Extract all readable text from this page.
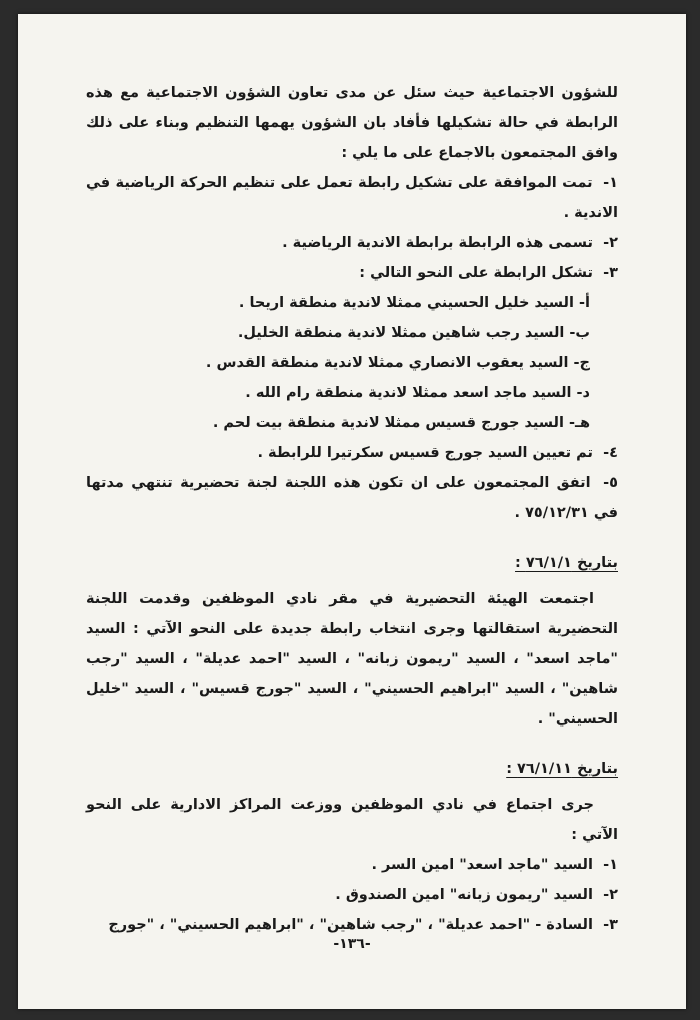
للشؤون الاجتماعية حيث سئل عن مدى تعاون الشؤون الاجتماعية مع هذه الرابطة في حالة تشكيلها فأفاد بان الشؤون يهمها التنظيم وبناء على ذلك وافق المجتمعون بالاجماع على ما يلي :

١- تمت الموافقة على تشكيل رابطة تعمل على تنظيم الحركة الرياضية في الاندية .
٢- تسمى هذه الرابطة برابطة الاندية الرياضية .
٣- تشكل الرابطة على النحو التالي :
أ- السيد خليل الحسيني ممثلا لاندية منطقة اريحا .
ب- السيد رجب شاهين ممثلا لاندية منطقة الخليل.
ج- السيد يعقوب الانصاري ممثلا لاندية منطقة القدس .
د- السيد ماجد اسعد ممثلا لاندية منطقة رام الله .
هـ- السيد جورج قسيس ممثلا لاندية منطقة بيت لحم .
٤- تم تعيين السيد جورج قسيس سكرتيرا للرابطة .
٥- اتفق المجتمعون على ان تكون هذه اللجنة لجنة تحضيرية تنتهي مدتها في ٧٥/١٢/٣١ .
بتاريخ ٧٦/١/١ :

اجتمعت الهيئة التحضيرية في مقر نادي الموظفين وقدمت اللجنة التحضيرية استقالتها وجرى انتخاب رابطة جديدة على النحو الآتي : السيد "ماجد اسعد" ، السيد "ريمون زبانه" ، السيد "احمد عديلة" ، السيد "رجب شاهين" ، السيد "ابراهيم الحسيني" ، السيد "جورج قسيس" ، السيد "خليل الحسيني" .

بتاريخ ٧٦/١/١١ :

جرى اجتماع في نادي الموظفين ووزعت المراكز الادارية على النحو الآتي :

١- السيد "ماجد اسعد" امين السر .
٢- السيد "ريمون زبانه" امين الصندوق .
٣- السادة - "احمد عديلة" ، "رجب شاهين" ، "ابراهيم الحسيني" ، "جورج
-١٣٦-
